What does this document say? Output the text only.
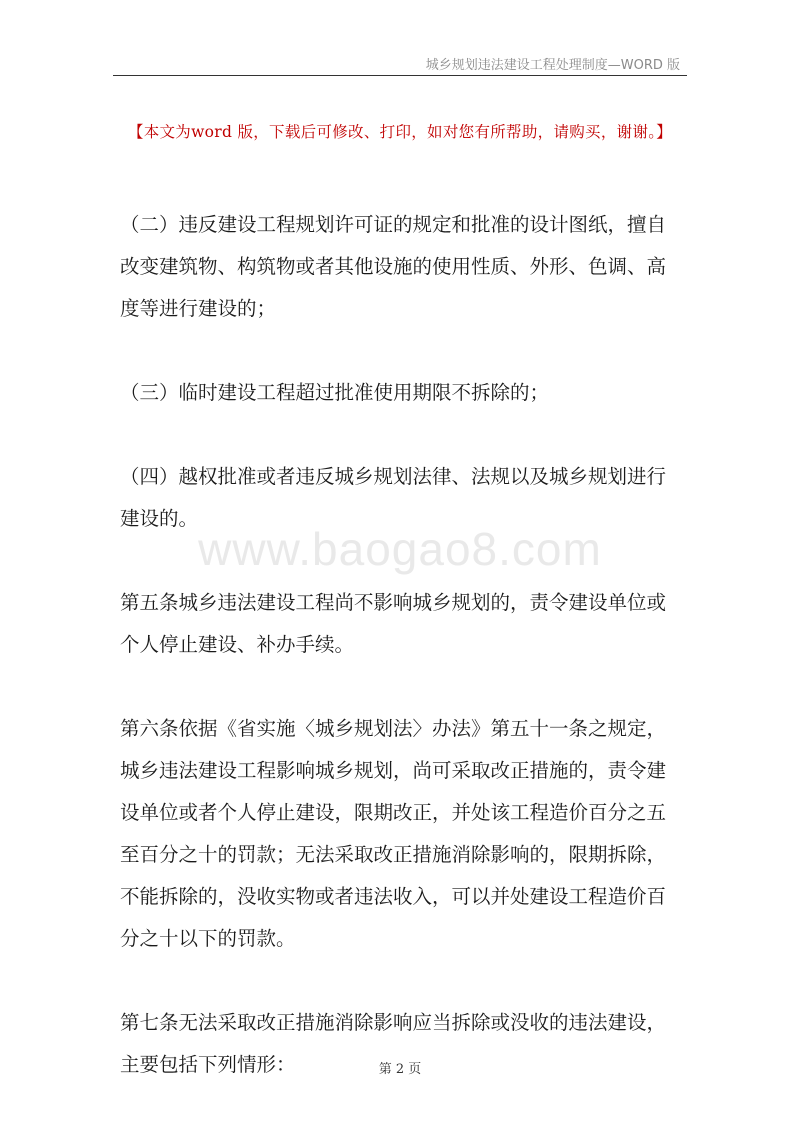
城乡规划违法建设工程处理制度—WORD 版
【本文为word 版，下载后可修改、打印，如对您有所帮助，请购买，谢谢。】

（二）违反建设工程规划许可证的规定和批准的设计图纸，擅自改变建筑物、构筑物或者其他设施的使用性质、外形、色调、高度等进行建设的；

（三）临时建设工程超过批准使用期限不拆除的；

（四）越权批准或者违反城乡规划法律、法规以及城乡规划进行建设的。

第五条城乡违法建设工程尚不影响城乡规划的，责令建设单位或个人停止建设、补办手续。

第六条依据《省实施〈城乡规划法〉办法》第五十一条之规定，城乡违法建设工程影响城乡规划，尚可采取改正措施的，责令建设单位或者个人停止建设，限期改正，并处该工程造价百分之五至百分之十的罚款；无法采取改正措施消除影响的，限期拆除，不能拆除的，没收实物或者违法收入，可以并处建设工程造价百分之十以下的罚款。

第七条无法采取改正措施消除影响应当拆除或没收的违法建设，主要包括下列情形：

www.baogao8.com
第 2 页
